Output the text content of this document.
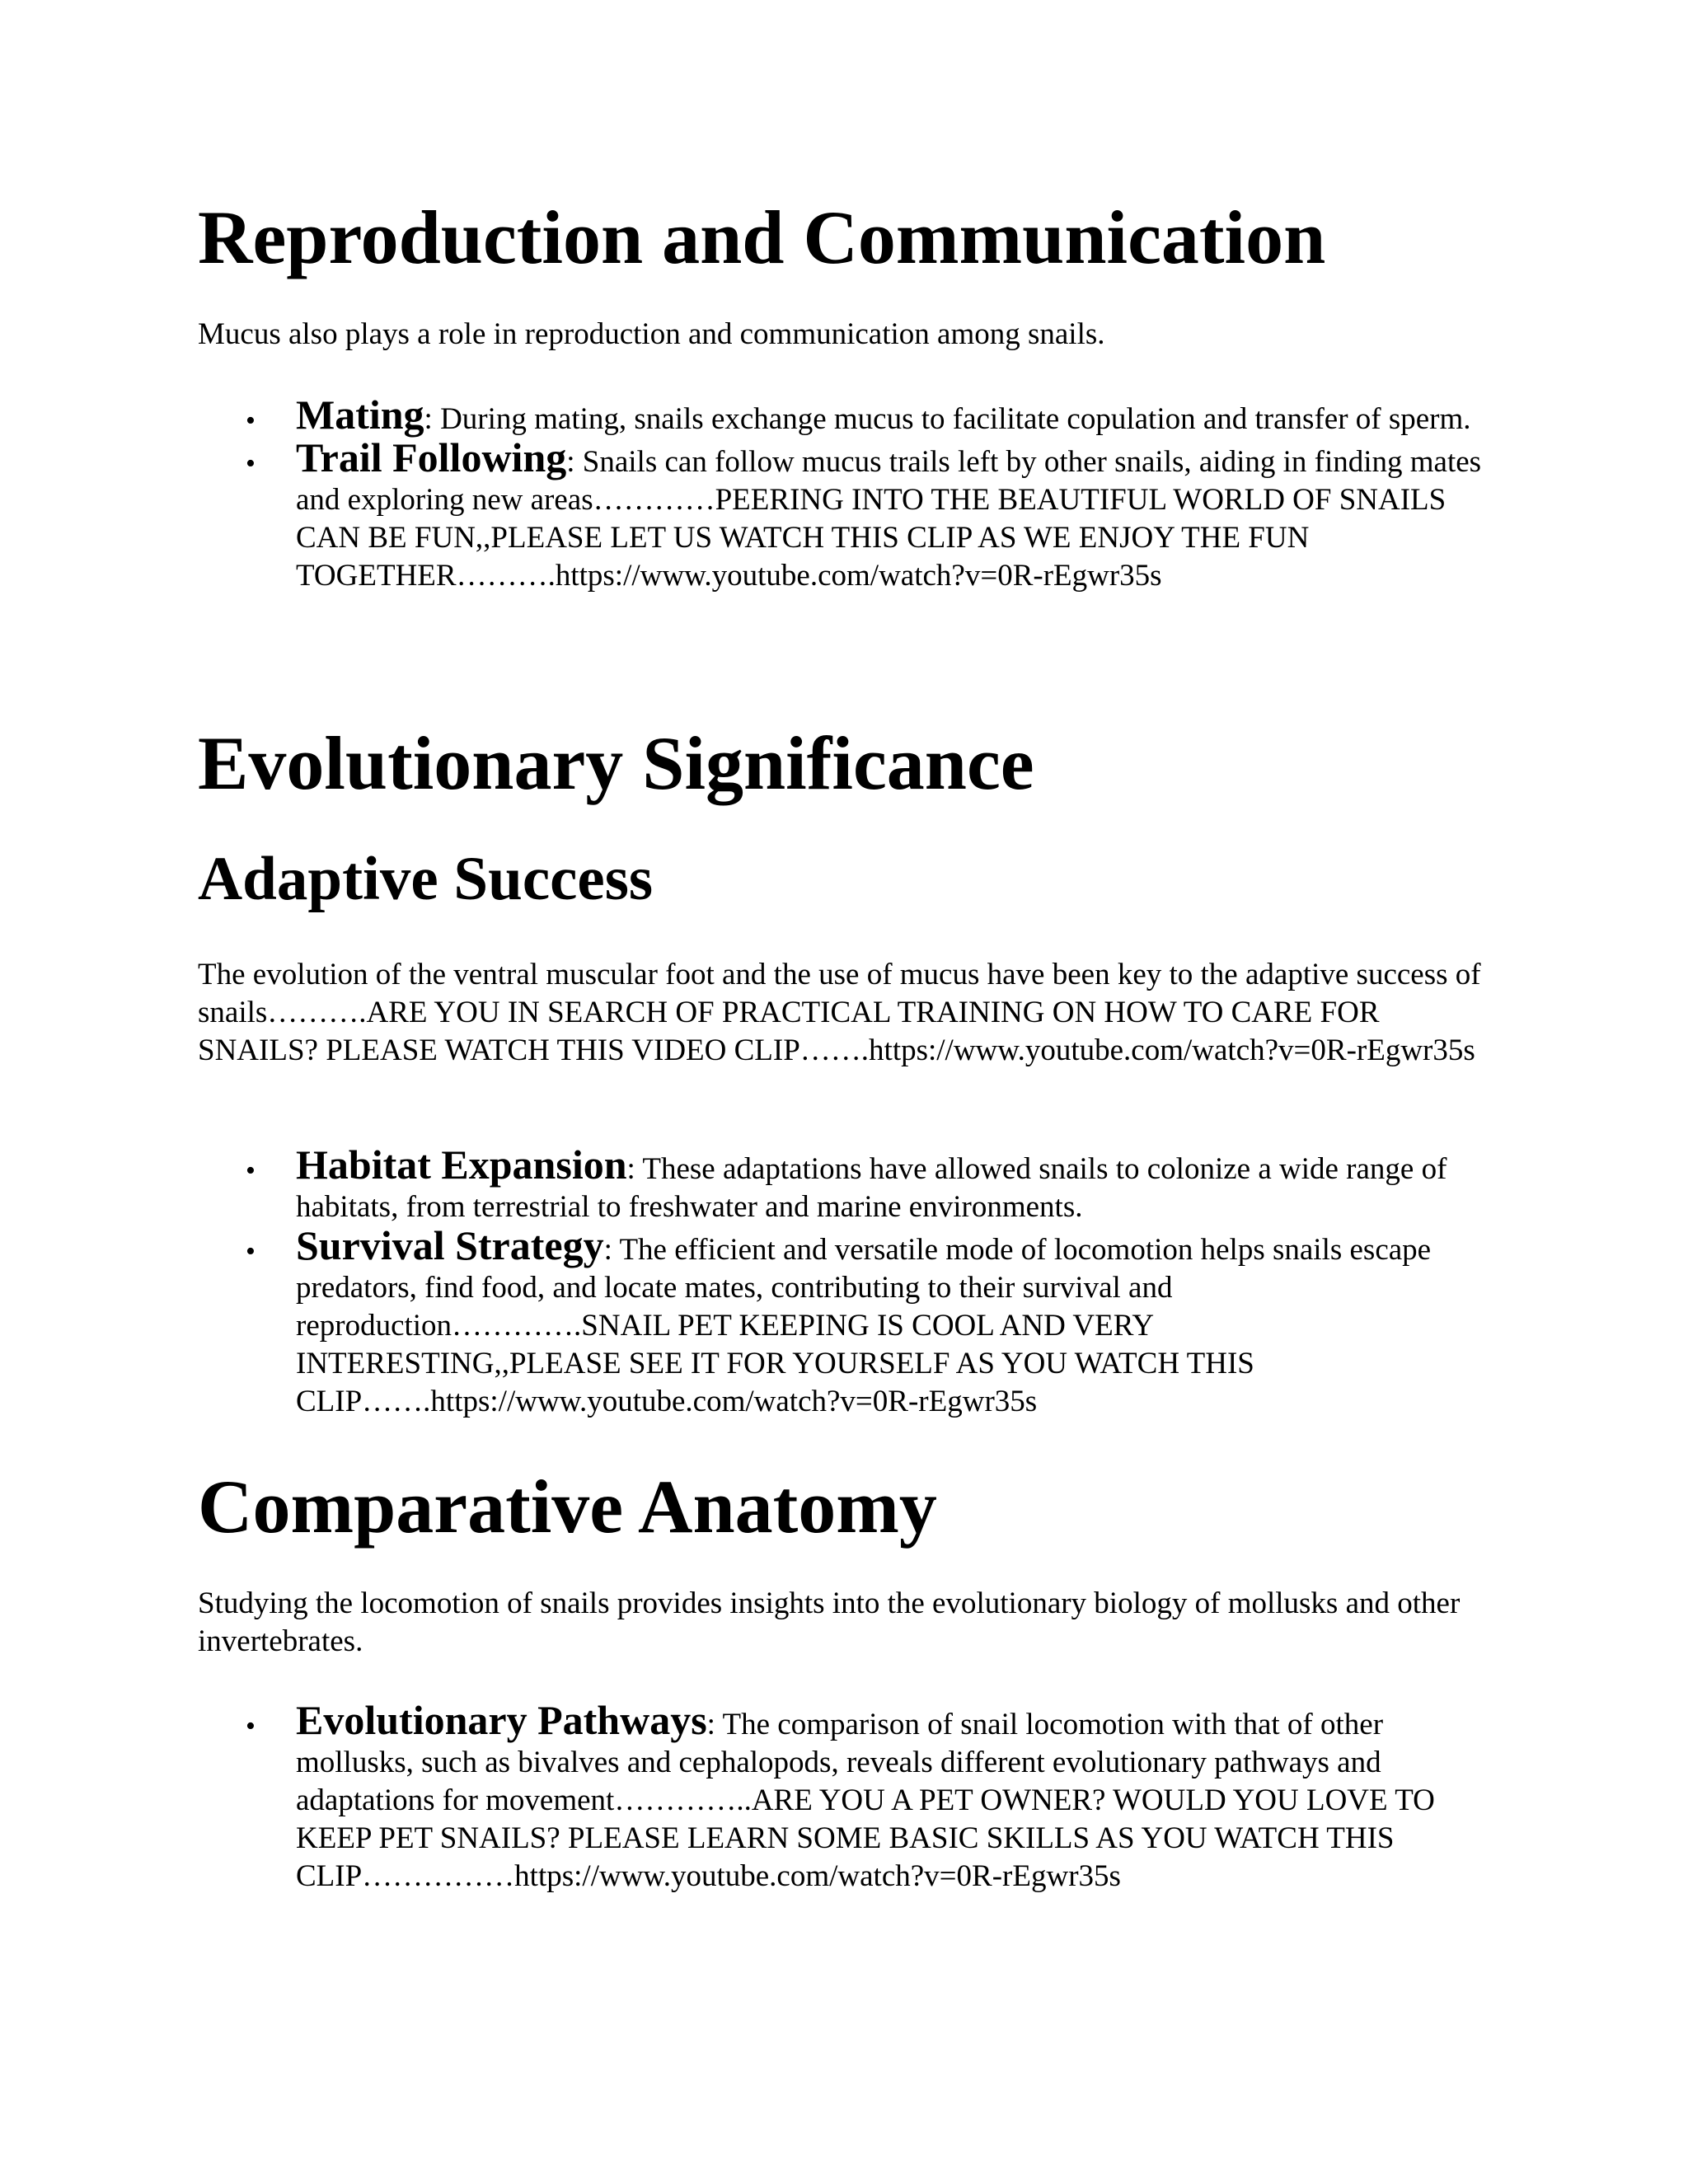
Reproduction and Communication

Mucus also plays a role in reproduction and communication among snails.

• Mating: During mating, snails exchange mucus to facilitate copulation and transfer of sperm.
• Trail Following: Snails can follow mucus trails left by other snails, aiding in finding mates and exploring new areas…………PEERING INTO THE BEAUTIFUL WORLD OF SNAILS CAN BE FUN,,PLEASE LET US WATCH THIS CLIP AS WE ENJOY THE FUN TOGETHER……….https://www.youtube.com/watch?v=0R-rEgwr35s
Evolutionary Significance
Adaptive Success

The evolution of the ventral muscular foot and the use of mucus have been key to the adaptive success of snails……….ARE YOU IN SEARCH OF PRACTICAL TRAINING ON HOW TO CARE FOR SNAILS? PLEASE WATCH THIS VIDEO CLIP…….https://www.youtube.com/watch?v=0R-rEgwr35s

• Habitat Expansion: These adaptations have allowed snails to colonize a wide range of habitats, from terrestrial to freshwater and marine environments.
• Survival Strategy: The efficient and versatile mode of locomotion helps snails escape predators, find food, and locate mates, contributing to their survival and reproduction………….SNAIL PET KEEPING IS COOL AND VERY INTERESTING,,PLEASE SEE IT FOR YOURSELF AS YOU WATCH THIS CLIP…….https://www.youtube.com/watch?v=0R-rEgwr35s
Comparative Anatomy

Studying the locomotion of snails provides insights into the evolutionary biology of mollusks and other invertebrates.

• Evolutionary Pathways: The comparison of snail locomotion with that of other mollusks, such as bivalves and cephalopods, reveals different evolutionary pathways and adaptations for movement…………..ARE YOU A PET OWNER? WOULD YOU LOVE TO KEEP PET SNAILS? PLEASE LEARN SOME BASIC SKILLS AS YOU WATCH THIS CLIP……………https://www.youtube.com/watch?v=0R-rEgwr35s
